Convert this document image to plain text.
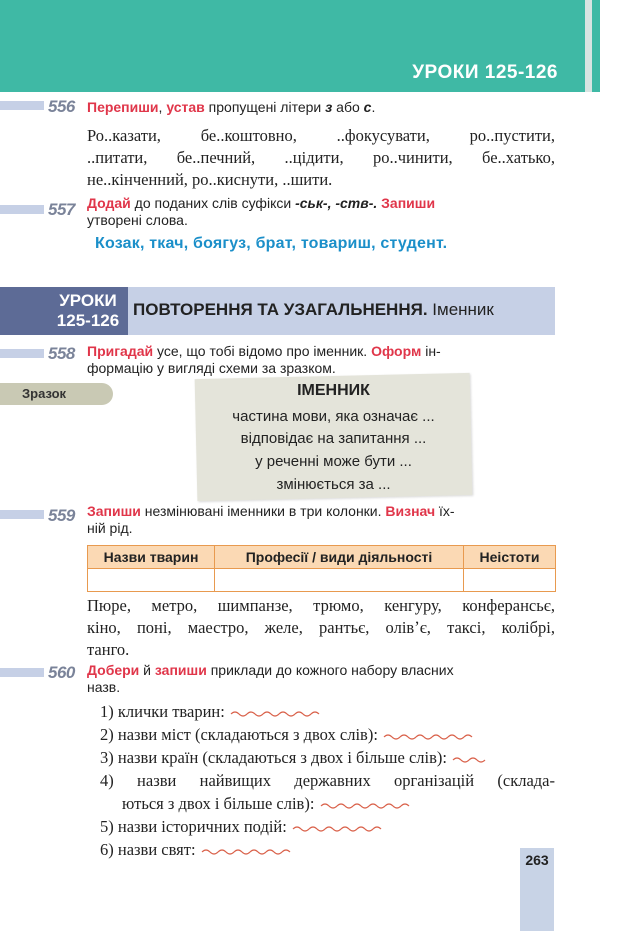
УРОКИ 125-126
556 Перепиши, устав пропущені літери з або с.
Ро..казати, бе..коштовно, ..фокусувати, ро..пустити,
..питати, бе..печний, ..цідити, ро..чинити, бе..хатько,
не..кінченний, ро..киснути, ..шити.
557 Додай до поданих слів суфікси -ськ-, -ств-. Запиши
утворені слова.
Козак, ткач, боягуз, брат, товариш, студент.
УРОКИ
125-126
ПОВТОРЕННЯ ТА УЗАГАЛЬНЕННЯ. Іменник
558 Пригадай усе, що тобі відомо про іменник. Оформ ін-
формацію у вигляді схеми за зразком.
Зразок	ІМЕННИК
частина мови, яка означає ...
відповідає на запитання ...
у реченні може бути ...
змінюється за ...
559 Запиши незмінювані іменники в три колонки. Визнач їх-
ній рід.
Назви тварин	Професії / види діяльності	Неістоти

Пюре, метро, шимпанзе, трюмо, кенгуру, конферансьє,
кіно, поні, маестро, желе, рантьє, олівʼє, таксі, колібрі,
танго.
560 Добери й запиши приклади до кожного набору власних
назв.
1) клички тварин:
2) назви міст (складаються з двох слів):
3) назви країн (складаються з двох і більше слів):
4) назви найвищих державних організацій (склада-
ються з двох і більше слів):
5) назви історичних подій:
6) назви свят:
263
